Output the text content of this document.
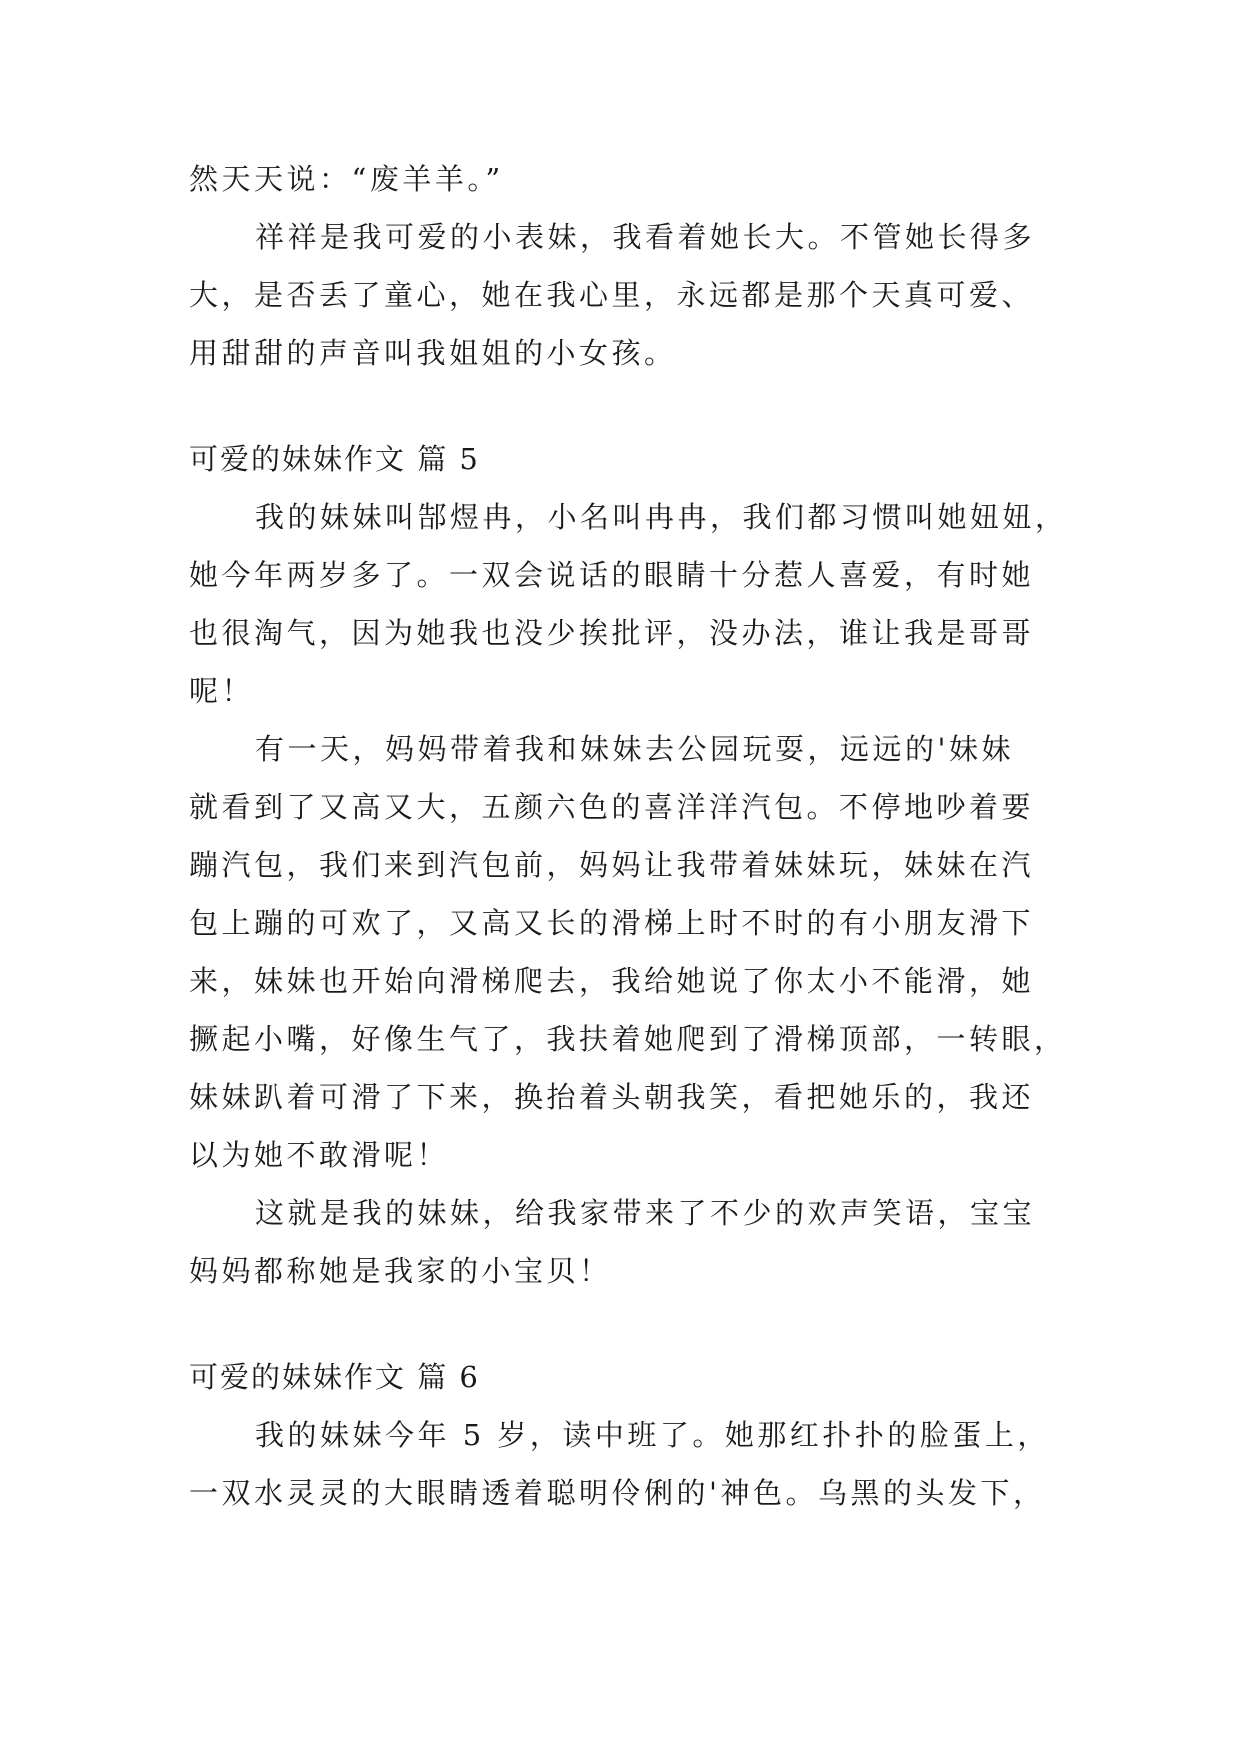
然天天说：“废羊羊。”
祥祥是我可爱的小表妹，我看着她长大。不管她长得多
大，是否丢了童心，她在我心里，永远都是那个天真可爱、
用甜甜的声音叫我姐姐的小女孩。
可爱的妹妹作文 篇 5
我的妹妹叫郜煜冉，小名叫冉冉，我们都习惯叫她妞妞，
她今年两岁多了。一双会说话的眼睛十分惹人喜爱，有时她
也很淘气，因为她我也没少挨批评，没办法，谁让我是哥哥
呢！
有一天，妈妈带着我和妹妹去公园玩耍，远远的'妹妹
就看到了又高又大，五颜六色的喜洋洋汽包。不停地吵着要
蹦汽包，我们来到汽包前，妈妈让我带着妹妹玩，妹妹在汽
包上蹦的可欢了，又高又长的滑梯上时不时的有小朋友滑下
来，妹妹也开始向滑梯爬去，我给她说了你太小不能滑，她
撅起小嘴，好像生气了，我扶着她爬到了滑梯顶部，一转眼，
妹妹趴着可滑了下来，换抬着头朝我笑，看把她乐的，我还
以为她不敢滑呢！
这就是我的妹妹，给我家带来了不少的欢声笑语，宝宝
妈妈都称她是我家的小宝贝！
可爱的妹妹作文 篇 6
我的妹妹今年 5 岁，读中班了。她那红扑扑的脸蛋上，
一双水灵灵的大眼睛透着聪明伶俐的'神色。乌黑的头发下，
